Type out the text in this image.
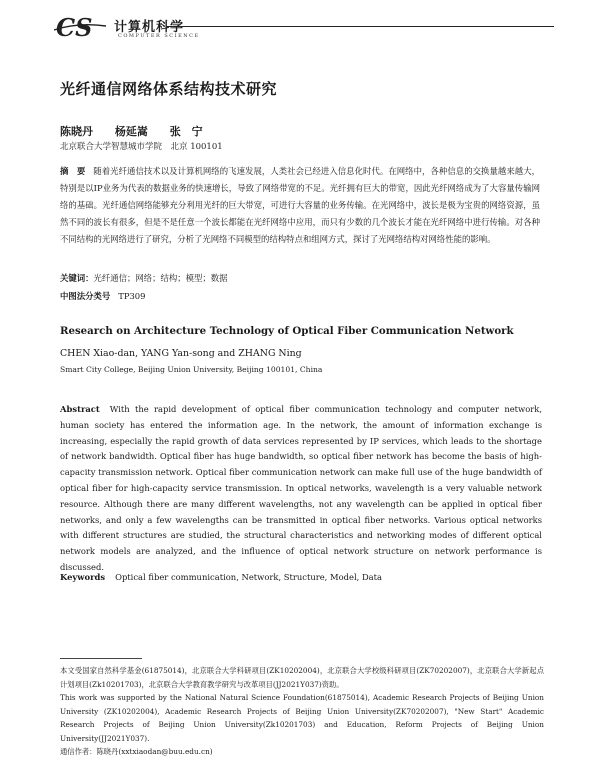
CS 计算机科学
COMPUTER SCIENCE
光纤通信网络体系结构技术研究
陈晓丹 杨延嵩 张　宁
北京联合大学智慧城市学院　北京 100101
摘　要 随着光纤通信技术以及计算机网络的飞速发展，人类社会已经进入信息化时代。在网络中，各种信息的交换量越来越大，特别是以IP业务为代表的数据业务的快速增长，导致了网络带宽的不足。光纤拥有巨大的带宽，因此光纤网络成为了大容量传输网络的基础。光纤通信网络能够充分利用光纤的巨大带宽，可进行大容量的业务传输。在光网络中，波长是极为宝贵的网络资源，虽然不同的波长有很多，但是不是任意一个波长都能在光纤网络中应用，而只有少数的几个波长才能在光纤网络中进行传输。对各种不同结构的光网络进行了研究，分析了光网络不同模型的结构特点和组网方式，探讨了光网络结构对网络性能的影响。
关键词：光纤通信；网络；结构；模型；数据
中图法分类号 TP309
Research on Architecture Technology of Optical Fiber Communication Network
CHEN Xiao-dan, YANG Yan-song and ZHANG Ning
Smart City College, Beijing Union University, Beijing 100101, China
Abstract With the rapid development of optical fiber communication technology and computer network, human society has entered the information age. In the network, the amount of information exchange is increasing, especially the rapid growth of data services represented by IP services, which leads to the shortage of network bandwidth. Optical fiber has huge bandwidth, so optical fiber network has become the basis of high-capacity transmission network. Optical fiber communication network can make full use of the huge bandwidth of optical fiber for high-capacity service transmission. In optical networks, wavelength is a very valuable network resource. Although there are many different wavelengths, not any wavelength can be applied in optical fiber networks, and only a few wavelengths can be transmitted in optical fiber networks. Various optical networks with different structures are studied, the structural characteristics and networking modes of different optical network models are analyzed, and the influence of optical network structure on network performance is discussed.
Keywords Optical fiber communication, Network, Structure, Model, Data
本文受国家自然科学基金(61875014)，北京联合大学科研项目(ZK10202004)，北京联合大学校级科研项目(ZK70202007)，北京联合大学新起点计划项目(Zk10201703)，北京联合大学教育教学研究与改革项目(JJ2021Y037)资助。
This work was supported by the National Natural Science Foundation(61875014), Academic Research Projects of Beijing Union University (ZK10202004), Academic Research Projects of Beijing Union University(ZK70202007), "New Start" Academic Research Projects of Beijing Union University(Zk10201703) and Education, Reform Projects of Beijing Union University(JJ2021Y037).
通信作者：陈晓丹(xxtxiaodan@buu.edu.cn)
